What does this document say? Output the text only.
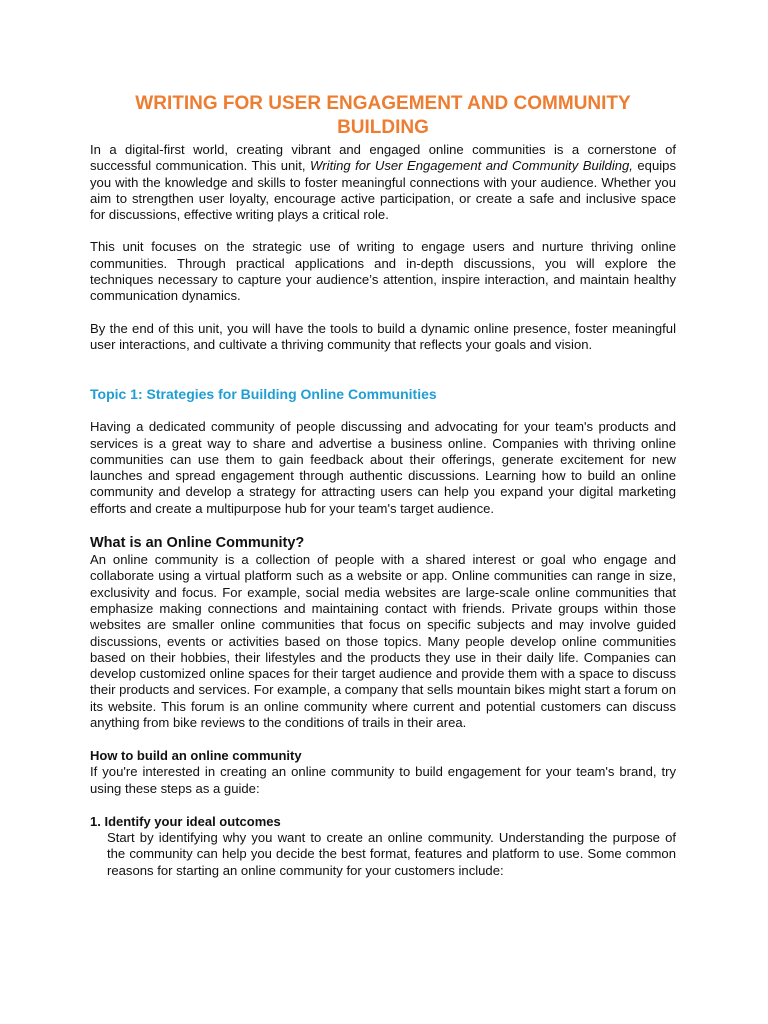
WRITING FOR USER ENGAGEMENT AND COMMUNITY BUILDING

In a digital-first world, creating vibrant and engaged online communities is a cornerstone of successful communication. This unit, Writing for User Engagement and Community Building, equips you with the knowledge and skills to foster meaningful connections with your audience. Whether you aim to strengthen user loyalty, encourage active participation, or create a safe and inclusive space for discussions, effective writing plays a critical role.

This unit focuses on the strategic use of writing to engage users and nurture thriving online communities. Through practical applications and in-depth discussions, you will explore the techniques necessary to capture your audience’s attention, inspire interaction, and maintain healthy communication dynamics.

By the end of this unit, you will have the tools to build a dynamic online presence, foster meaningful user interactions, and cultivate a thriving community that reflects your goals and vision.

Topic 1: Strategies for Building Online Communities

Having a dedicated community of people discussing and advocating for your team's products and services is a great way to share and advertise a business online. Companies with thriving online communities can use them to gain feedback about their offerings, generate excitement for new launches and spread engagement through authentic discussions. Learning how to build an online community and develop a strategy for attracting users can help you expand your digital marketing efforts and create a multipurpose hub for your team's target audience.

What is an Online Community?

An online community is a collection of people with a shared interest or goal who engage and collaborate using a virtual platform such as a website or app. Online communities can range in size, exclusivity and focus. For example, social media websites are large-scale online communities that emphasize making connections and maintaining contact with friends. Private groups within those websites are smaller online communities that focus on specific subjects and may involve guided discussions, events or activities based on those topics. Many people develop online communities based on their hobbies, their lifestyles and the products they use in their daily life. Companies can develop customized online spaces for their target audience and provide them with a space to discuss their products and services. For example, a company that sells mountain bikes might start a forum on its website. This forum is an online community where current and potential customers can discuss anything from bike reviews to the conditions of trails in their area.

How to build an online community

If you're interested in creating an online community to build engagement for your team's brand, try using these steps as a guide:

1. Identify your ideal outcomes

Start by identifying why you want to create an online community. Understanding the purpose of the community can help you decide the best format, features and platform to use. Some common reasons for starting an online community for your customers include:
